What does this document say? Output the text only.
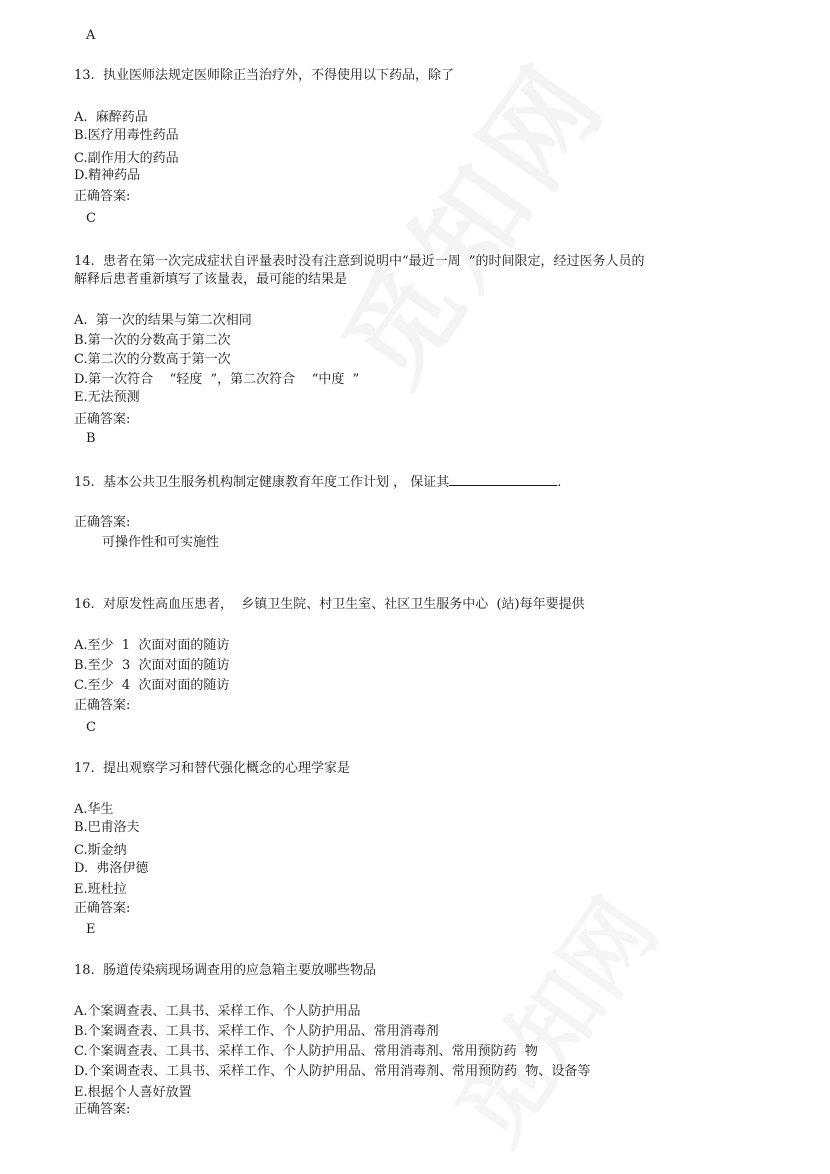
A
13.  执业医师法规定医师除正当治疗外，不得使用以下药品，除了
A.  麻醉药品
B.医疗用毒性药品
C.副作用大的药品
D.精神药品
正确答案:
C
14.  患者在第一次完成症状自评量表时没有注意到说明中“最近一周  ”的时间限定，经过医务人员的
解释后患者重新填写了该量表，最可能的结果是
A.  第一次的结果与第二次相同
B.第一次的分数高于第二次
C.第二次的分数高于第一次
D.第一次符合    “轻度  ”，第二次符合    “中度  ”
E.无法预测
正确答案:
B
15.  基本公共卫生服务机构制定健康教育年度工作计划 ， 保证其	.
正确答案:
可操作性和可实施性
16.  对原发性高血压患者，  乡镇卫生院、村卫生室、社区卫生服务中心  (站)每年要提供
A.至少  1  次面对面的随访
B.至少  3  次面对面的随访
C.至少  4  次面对面的随访
正确答案:
C
17.  提出观察学习和替代强化概念的心理学家是
A.华生
B.巴甫洛夫
C.斯金纳
D.  弗洛伊德
E.班杜拉
正确答案:
E
18.  肠道传染病现场调查用的应急箱主要放哪些物品
A.个案调查表、工具书、采样工作、个人防护用品
B.个案调查表、工具书、采样工作、个人防护用品、常用消毒剂
C.个案调查表、工具书、采样工作、个人防护用品、常用消毒剂、常用预防药  物
D.个案调查表、工具书、采样工作、个人防护用品、常用消毒剂、常用预防药  物、设备等
E.根据个人喜好放置
正确答案:
